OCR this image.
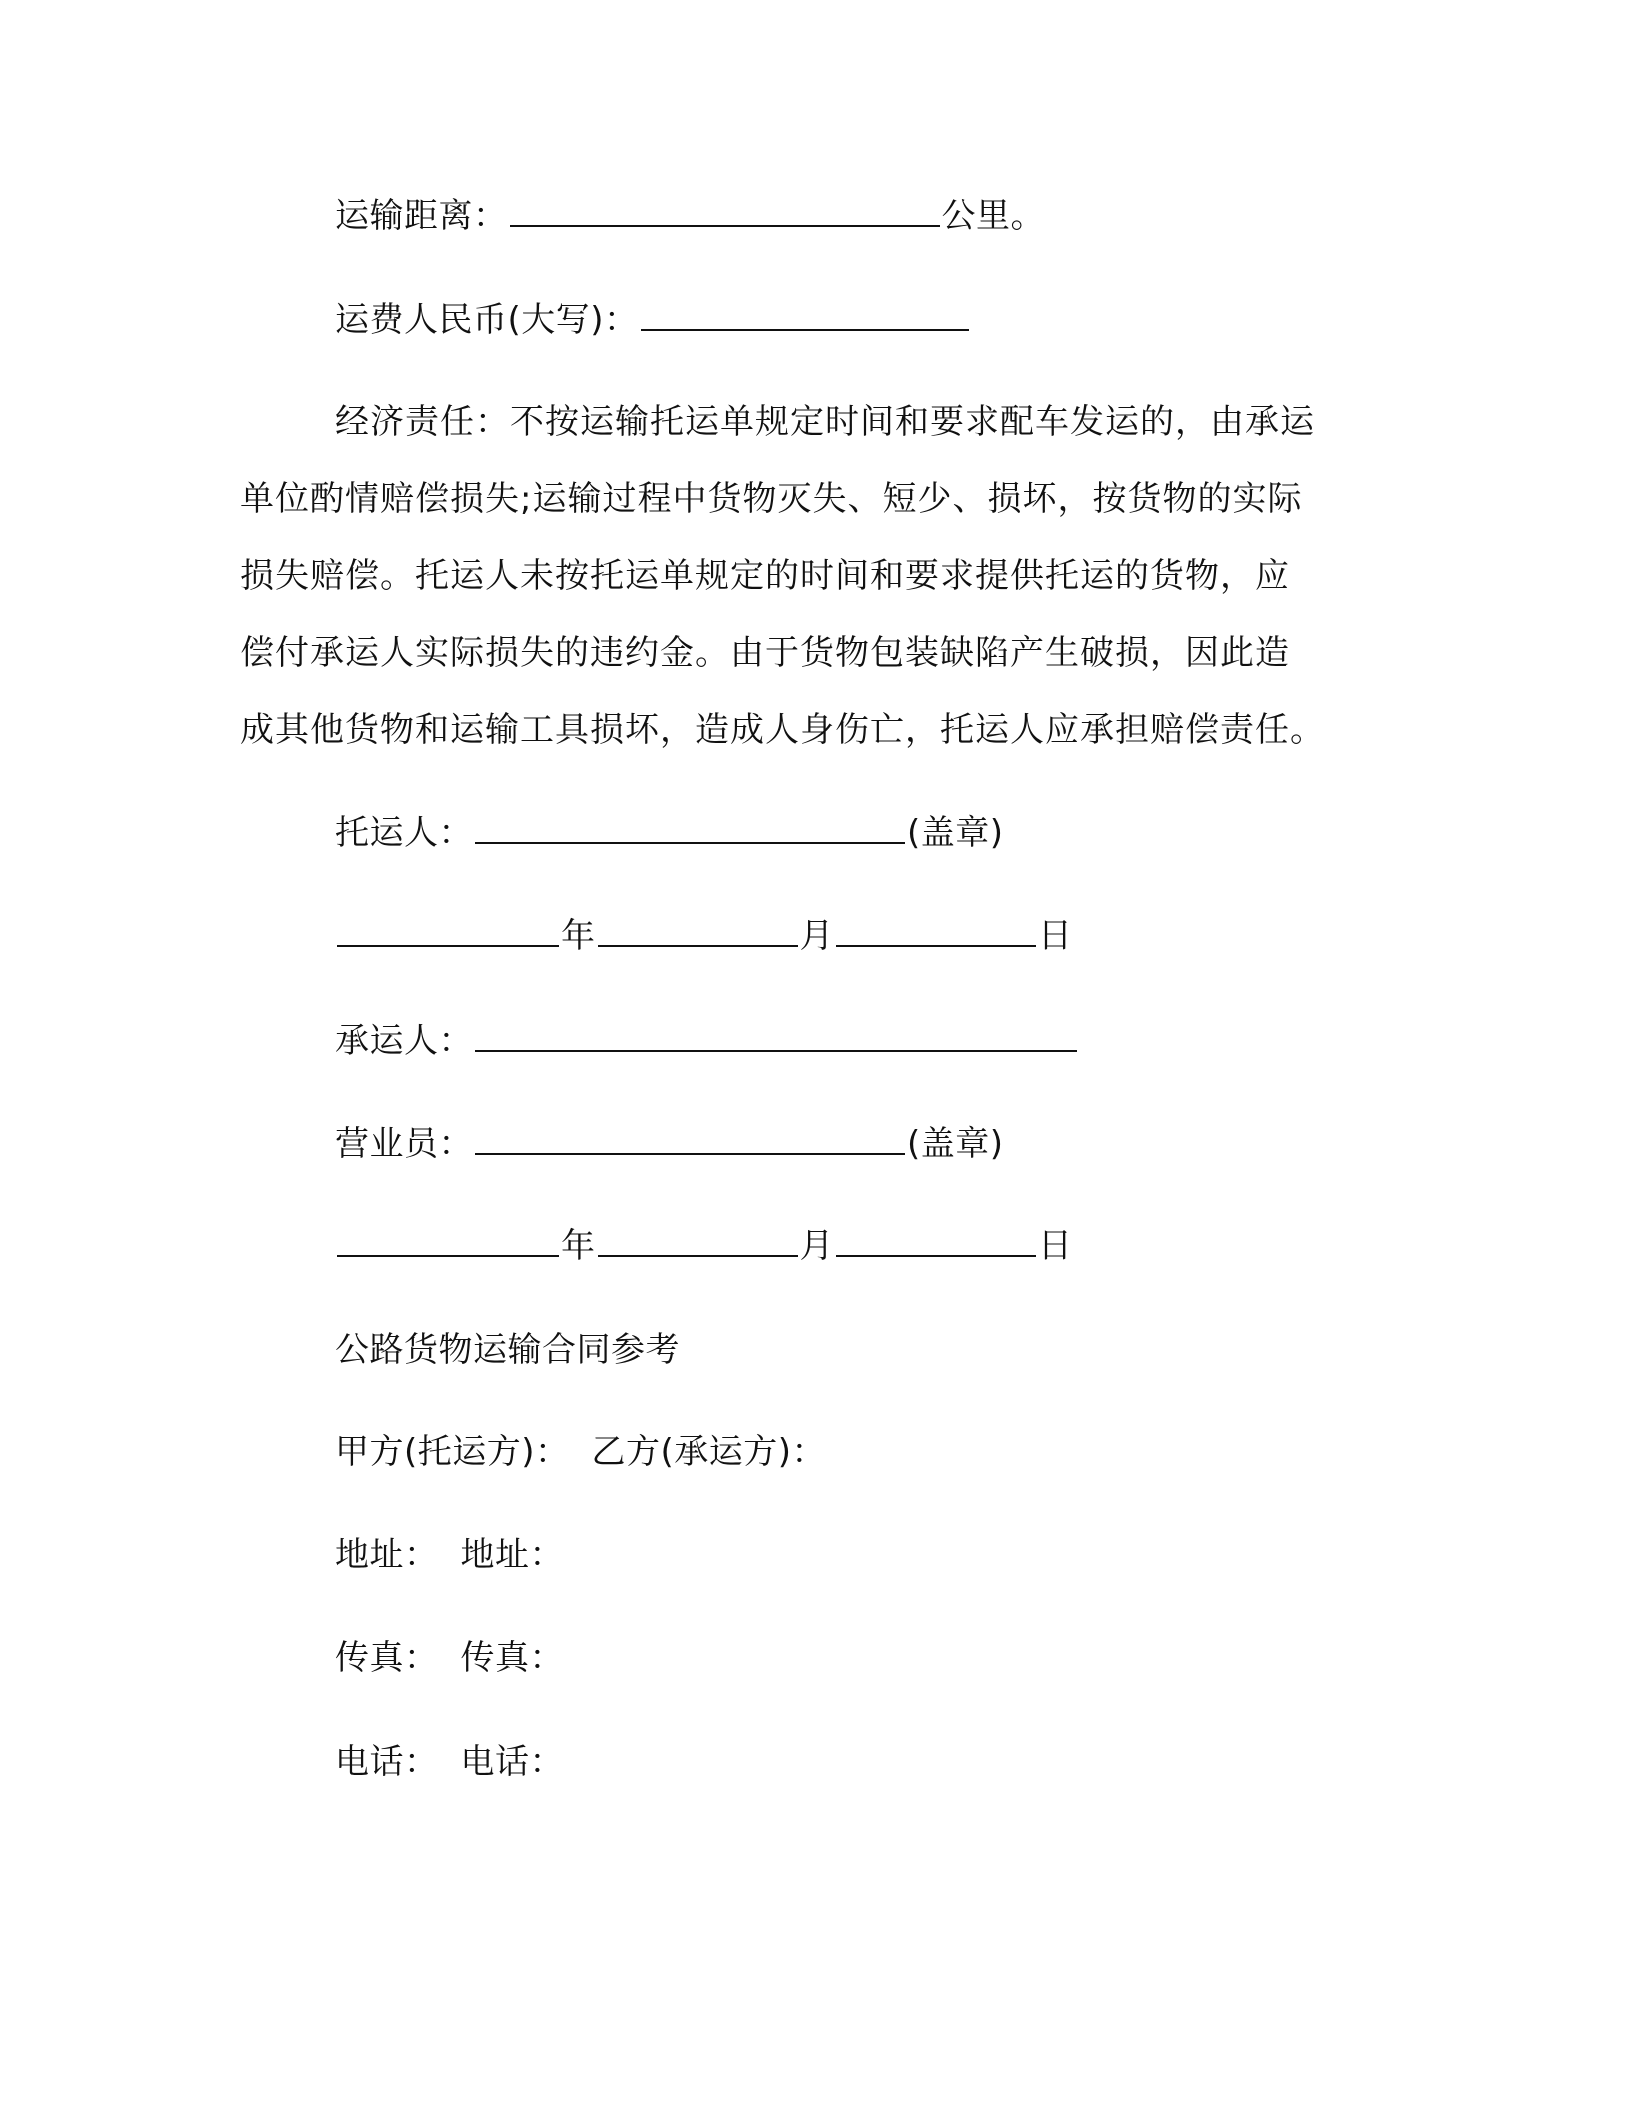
运输距离：	公里。
运费人民币(大写)：
经济责任：不按运输托运单规定时间和要求配车发运的，由承运
单位酌情赔偿损失;运输过程中货物灭失、短少、损坏，按货物的实际
损失赔偿。托运人未按托运单规定的时间和要求提供托运的货物，应
偿付承运人实际损失的违约金。由于货物包装缺陷产生破损，因此造
成其他货物和运输工具损坏，造成人身伤亡，托运人应承担赔偿责任。
托运人：	(盖章)
年	月	日
承运人：
营业员：	(盖章)
年	月	日
公路货物运输合同参考
甲方(托运方)： 乙方(承运方)：
地址： 地址：
传真： 传真：
电话： 电话：
